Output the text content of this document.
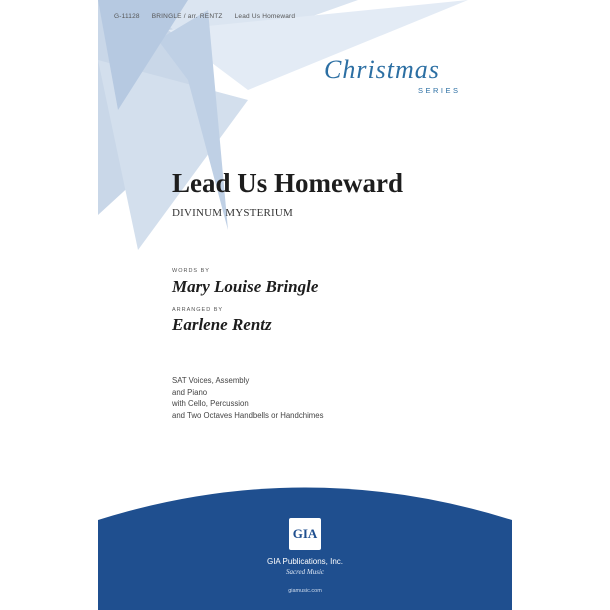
G-11128 BRINGLE / arr. RENTZ Lead Us Homeward
Christmas
SERIES
Lead Us Homeward
DIVINUM MYSTERIUM
WORDS BY
Mary Louise Bringle
ARRANGED BY
Earlene Rentz
SAT Voices, Assembly
and Piano
with Cello, Percussion
and Two Octaves Handbells or Handchimes
GIA
GIA Publications, Inc.
Sacred Music
giamusic.com
